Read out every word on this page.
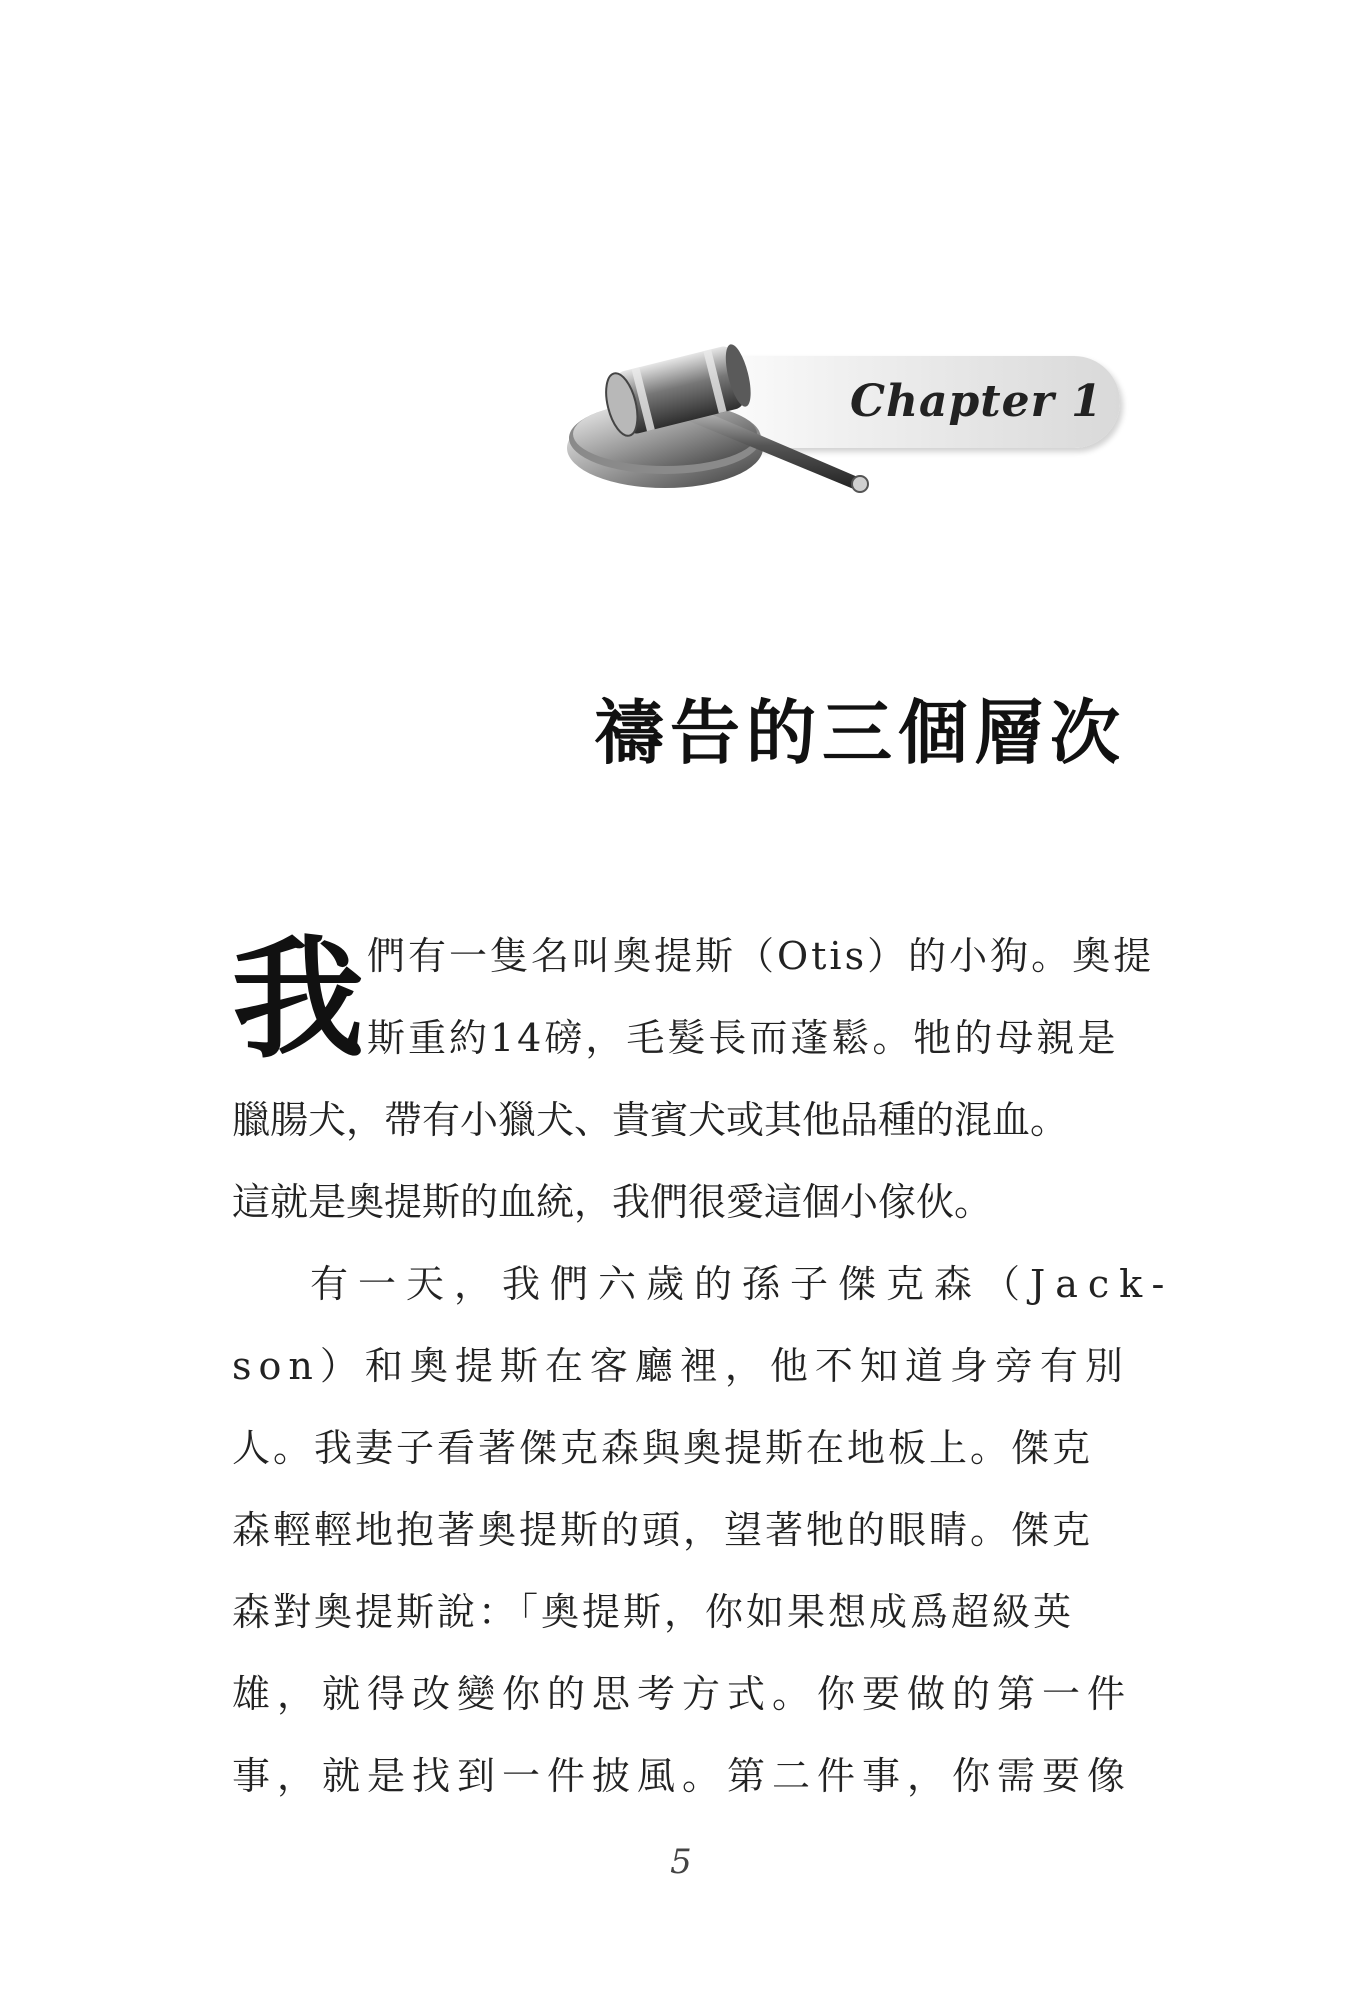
Chapter 1
禱告的三個層次
我 們有一隻名叫奧提斯（Otis）的小狗。奧提
斯重約14磅，毛髮長而蓬鬆。牠的母親是
臘腸犬，帶有小獵犬、貴賓犬或其他品種的混血。
這就是奧提斯的血統，我們很愛這個小傢伙。
有一天，我們六歲的孫子傑克森（Jack-
son）和奧提斯在客廳裡，他不知道身旁有別
人。我妻子看著傑克森與奧提斯在地板上。傑克
森輕輕地抱著奧提斯的頭，望著牠的眼睛。傑克
森對奧提斯說：「奧提斯，你如果想成爲超級英
雄，就得改變你的思考方式。你要做的第一件
事，就是找到一件披風。第二件事，你需要像
5
